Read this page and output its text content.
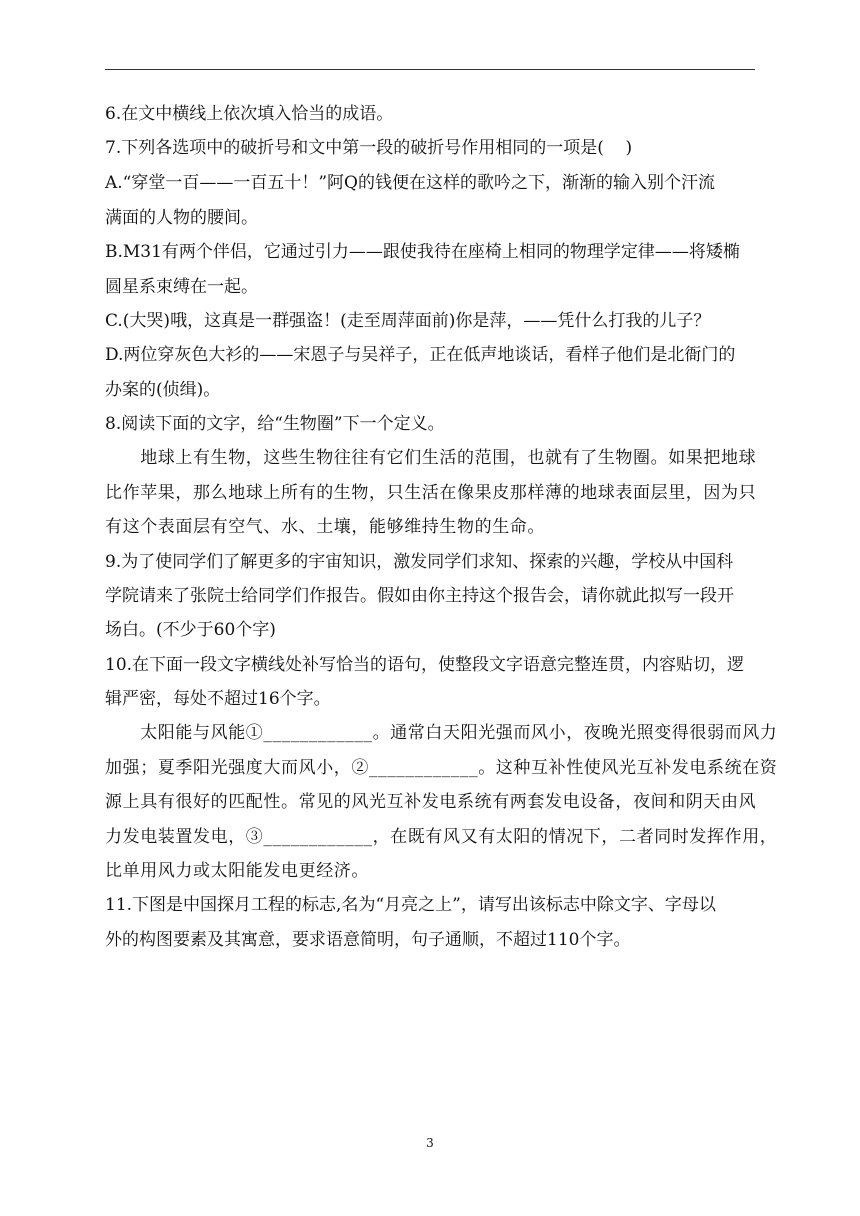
6.在文中横线上依次填入恰当的成语。
7.下列各选项中的破折号和文中第一段的破折号作用相同的一项是(    )
A.“穿堂一百——一百五十！”阿Q的钱便在这样的歌吟之下，渐渐的输入别个汗流
满面的人物的腰间。
B.M31有两个伴侣，它通过引力——跟使我待在座椅上相同的物理学定律——将矮椭
圆星系束缚在一起。
C.(大哭)哦，这真是一群强盗！(走至周萍面前)你是萍，——凭什么打我的儿子？
D.两位穿灰色大衫的——宋恩子与吴祥子，正在低声地谈话，看样子他们是北衙门的
办案的(侦缉)。
8.阅读下面的文字，给“生物圈”下一个定义。
　　地球上有生物，这些生物往往有它们生活的范围，也就有了生物圈。如果把地球
比作苹果，那么地球上所有的生物，只生活在像果皮那样薄的地球表面层里，因为只
有这个表面层有空气、水、土壤，能够维持生物的生命。
9.为了使同学们了解更多的宇宙知识，激发同学们求知、探索的兴趣，学校从中国科
学院请来了张院士给同学们作报告。假如由你主持这个报告会，请你就此拟写一段开
场白。(不少于60个字)
10.在下面一段文字横线处补写恰当的语句，使整段文字语意完整连贯，内容贴切，逻
辑严密，每处不超过16个字。
　　太阳能与风能①____________。通常白天阳光强而风小，夜晚光照变得很弱而风力
加强；夏季阳光强度大而风小，②____________。这种互补性使风光互补发电系统在资
源上具有很好的匹配性。常见的风光互补发电系统有两套发电设备，夜间和阴天由风
力发电装置发电，③____________，在既有风又有太阳的情况下，二者同时发挥作用，
比单用风力或太阳能发电更经济。
11.下图是中国探月工程的标志,名为“月亮之上”，请写出该标志中除文字、字母以
外的构图要素及其寓意，要求语意简明，句子通顺，不超过110个字。
3
